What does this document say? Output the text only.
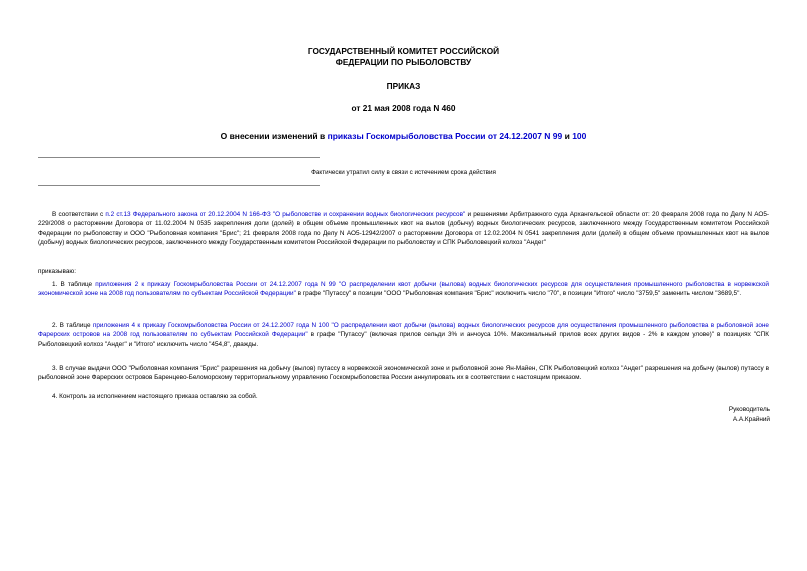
ГОСУДАРСТВЕННЫЙ КОМИТЕТ РОССИЙСКОЙ
ФЕДЕРАЦИИ ПО РЫБОЛОВСТВУ
ПРИКАЗ
от 21 мая 2008 года N 460
О внесении изменений в приказы Госкомрыболовства России от 24.12.2007 N 99 и 100
Фактически утратил силу в связи с истечением срока действия
В соответствии с п.2 ст.13 Федерального закона от 20.12.2004 N 166-ФЗ "О рыболовстве и сохранении водных биологических ресурсов" и решениями Арбитражного суда Архангельской области от: 20 февраля 2008 года по Делу N АО5-229/2008 о расторжении Договора от 11.02.2004 N 0535 закрепления доли (долей) в общем объеме промышленных квот на вылов (добычу) водных биологических ресурсов, заключенного между Государственным комитетом Российской Федерации по рыболовству и ООО "Рыболовная компания "Брис"; 21 февраля 2008 года по Делу N АО5-12942/2007 о расторжении Договора от 12.02.2004 N 0541 закрепления доли (долей) в общем объеме промышленных квот на вылов (добычу) водных биологических ресурсов, заключенного между Государственным комитетом Российской Федерации по рыболовству и СПК Рыболовецкий колхоз "Андег"
приказываю:
1. В таблице приложения 2 к приказу Госкомрыболовства России от 24.12.2007 года N 99 "О распределении квот добычи (вылова) водных биологических ресурсов для осуществления промышленного рыболовства в норвежской экономической зоне на 2008 год пользователям по субъектам Российской Федерации" в графе "Путассу" в позиции "ООО "Рыболовная компания "Брис" исключить число "70", в позиции "Итого" число "3759,5" заменить числом "3689,5".
2. В таблице приложения 4 к приказу Госкомрыболовства России от 24.12.2007 года N 100 "О распределении квот добычи (вылова) водных биологических ресурсов для осуществления промышленного рыболовства в рыболовной зоне Фарерских островов на 2008 год пользователям по субъектам Российской Федерации" в графе "Путассу" (включая прилов сельди 3% и анчоуса 10%. Максимальный прилов всех других видов - 2% в каждом улове)" в позициях "СПК Рыболовецкий колхоз "Андег" и "Итого" исключить число "454,8", дважды.
3. В случае выдачи ООО "Рыболовная компания "Брис" разрешения на добычу (вылов) путассу в норвежской экономической зоне и рыболовной зоне Ян-Майен, СПК Рыболовецкий колхоз "Андег" разрешения на добычу (вылов) путассу в рыболовной зоне Фарерских островов Баренцево-Беломорскому территориальному управлению Госкомрыболовства России аннулировать их в соответствии с настоящим приказом.
4. Контроль за исполнением настоящего приказа оставляю за собой.
Руководитель
А.А.Крайний
